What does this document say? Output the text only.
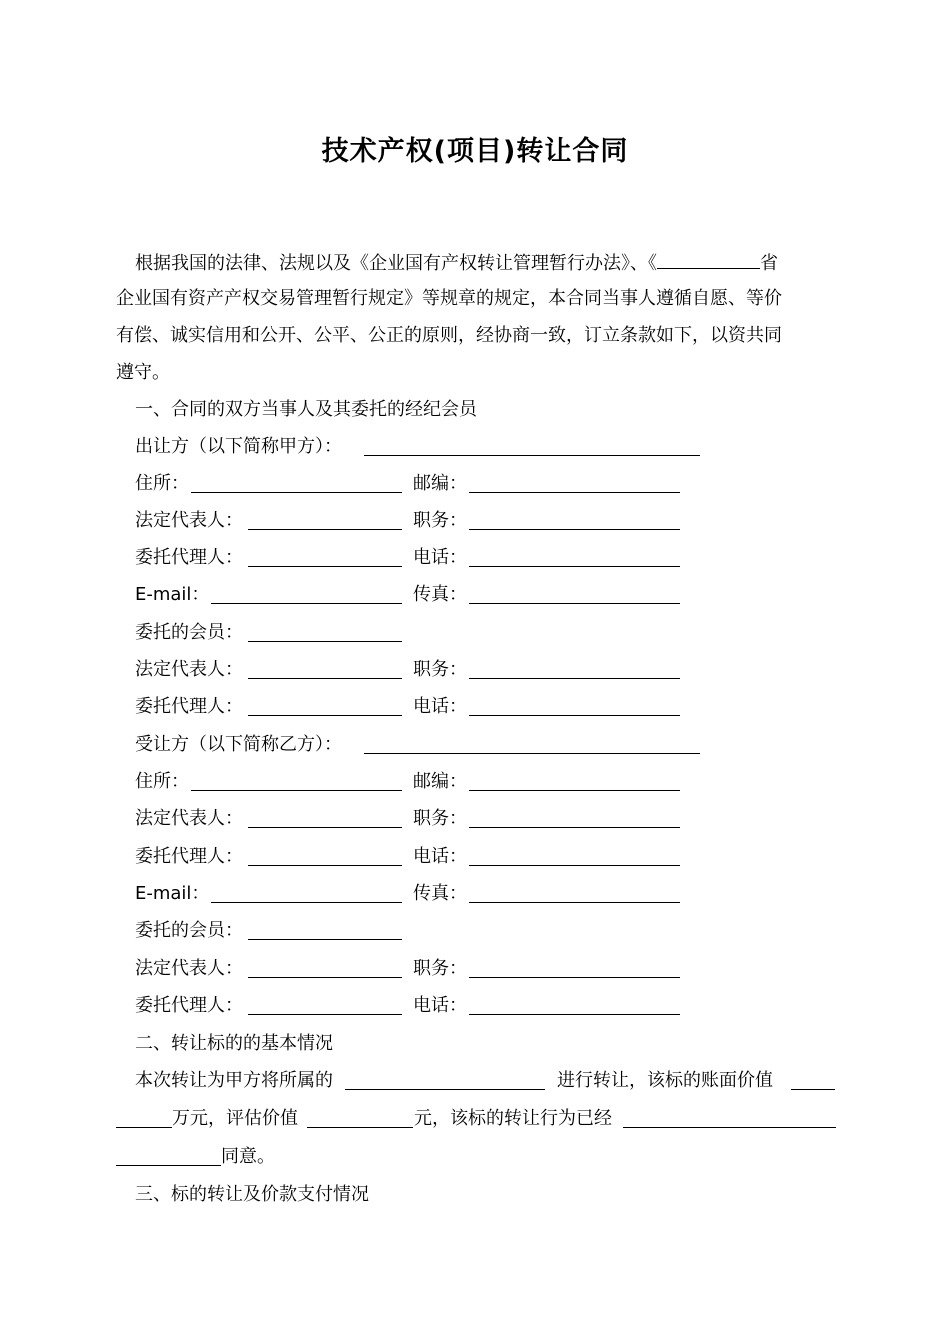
技术产权(项目)转让合同
根据我国的法律、法规以及《企业国有产权转让管理暂行办法》、《	省
企业国有资产产权交易管理暂行规定》等规章的规定，本合同当事人遵循自愿、等价
有偿、诚实信用和公开、公平、公正的原则，经协商一致，订立条款如下，以资共同
遵守。
一、合同的双方当事人及其委托的经纪会员
出让方（以下简称甲方）：
住所：	邮编：
法定代表人：	职务：
委托代理人：	电话：
E-mail：	传真：
委托的会员：
法定代表人：	职务：
委托代理人：	电话：
受让方（以下简称乙方）：
住所：	邮编：
法定代表人：	职务：
委托代理人：	电话：
E-mail：	传真：
委托的会员：
法定代表人：	职务：
委托代理人：	电话：
二、转让标的的基本情况
本次转让为甲方将所属的	进行转让，该标的账面价值
万元，评估价值	元，该标的转让行为已经
同意。
三、标的转让及价款支付情况
